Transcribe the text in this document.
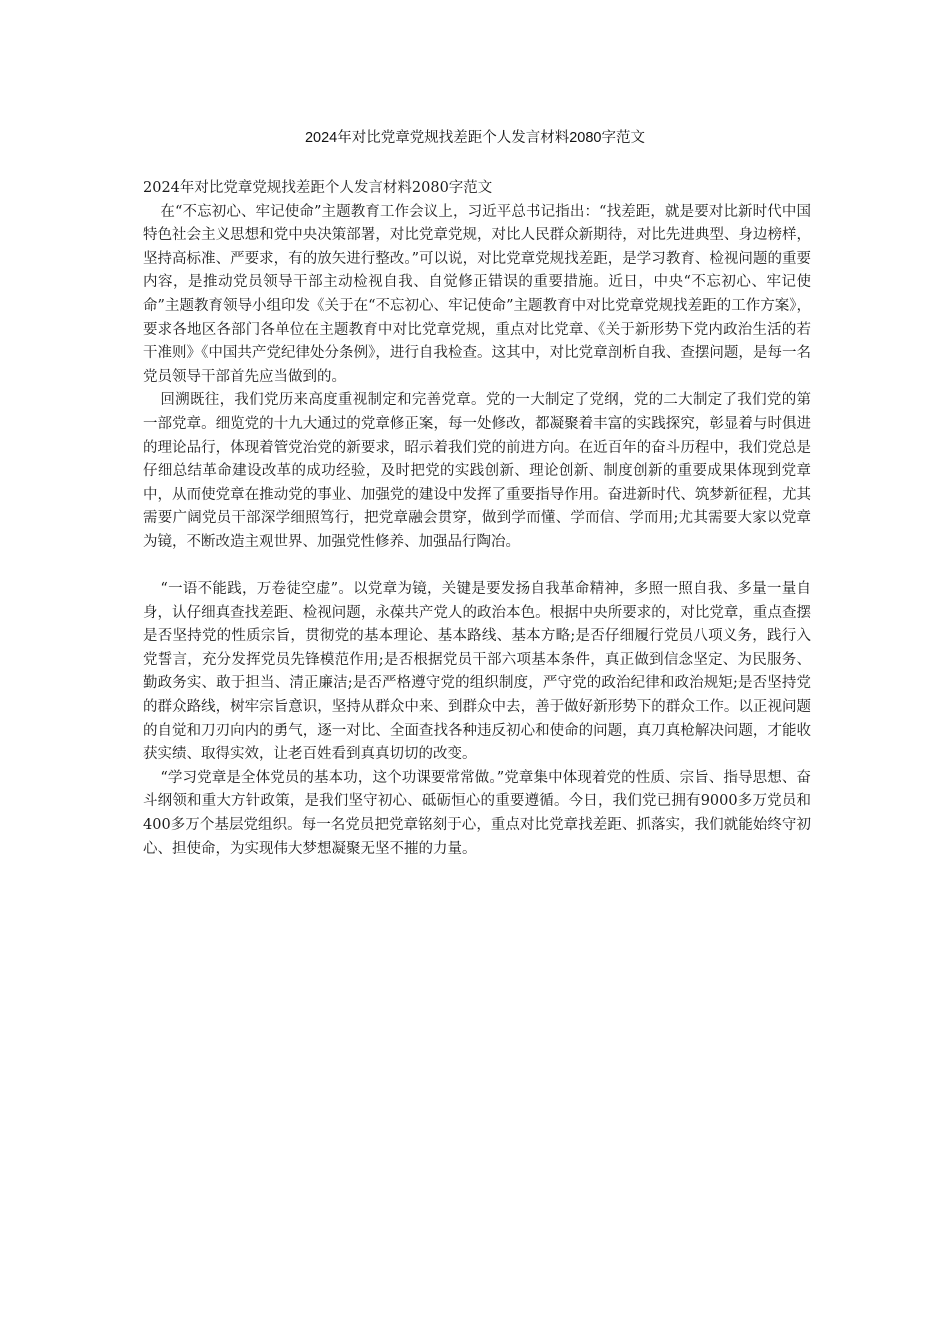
2024年对比党章党规找差距个人发言材料2080字范文

2024年对比党章党规找差距个人发言材料2080字范文

在“不忘初心、牢记使命”主题教育工作会议上，习近平总书记指出：“找差距，就是要对比新时代中国特色社会主义思想和党中央决策部署，对比党章党规，对比人民群众新期待，对比先进典型、身边榜样，坚持高标准、严要求，有的放矢进行整改。”可以说，对比党章党规找差距，是学习教育、检视问题的重要内容，是推动党员领导干部主动检视自我、自觉修正错误的重要措施。近日，中央“不忘初心、牢记使命”主题教育领导小组印发《关于在“不忘初心、牢记使命”主题教育中对比党章党规找差距的工作方案》，要求各地区各部门各单位在主题教育中对比党章党规，重点对比党章、《关于新形势下党内政治生活的若干准则》《中国共产党纪律处分条例》，进行自我检查。这其中，对比党章剖析自我、查摆问题，是每一名党员领导干部首先应当做到的。

回溯既往，我们党历来高度重视制定和完善党章。党的一大制定了党纲，党的二大制定了我们党的第一部党章。细览党的十九大通过的党章修正案，每一处修改，都凝聚着丰富的实践探究，彰显着与时俱进的理论品行，体现着管党治党的新要求，昭示着我们党的前进方向。在近百年的奋斗历程中，我们党总是仔细总结革命建设改革的成功经验，及时把党的实践创新、理论创新、制度创新的重要成果体现到党章中，从而使党章在推动党的事业、加强党的建设中发挥了重要指导作用。奋进新时代、筑梦新征程，尤其需要广阔党员干部深学细照笃行，把党章融会贯穿，做到学而懂、学而信、学而用;尤其需要大家以党章为镜，不断改造主观世界、加强党性修养、加强品行陶冶。

“一语不能践，万卷徒空虚”。以党章为镜，关键是要发扬自我革命精神，多照一照自我、多量一量自身，认仔细真查找差距、检视问题，永葆共产党人的政治本色。根据中央所要求的，对比党章，重点查摆是否坚持党的性质宗旨，贯彻党的基本理论、基本路线、基本方略;是否仔细履行党员八项义务，践行入党誓言，充分发挥党员先锋模范作用;是否根据党员干部六项基本条件，真正做到信念坚定、为民服务、勤政务实、敢于担当、清正廉洁;是否严格遵守党的组织制度，严守党的政治纪律和政治规矩;是否坚持党的群众路线，树牢宗旨意识，坚持从群众中来、到群众中去，善于做好新形势下的群众工作。以正视问题的自觉和刀刃向内的勇气，逐一对比、全面查找各种违反初心和使命的问题，真刀真枪解决问题，才能收获实绩、取得实效，让老百姓看到真真切切的改变。

“学习党章是全体党员的基本功，这个功课要常常做。”党章集中体现着党的性质、宗旨、指导思想、奋斗纲领和重大方针政策，是我们坚守初心、砥砺恒心的重要遵循。今日，我们党已拥有9000多万党员和400多万个基层党组织。每一名党员把党章铭刻于心，重点对比党章找差距、抓落实，我们就能始终守初心、担使命，为实现伟大梦想凝聚无坚不摧的力量。
